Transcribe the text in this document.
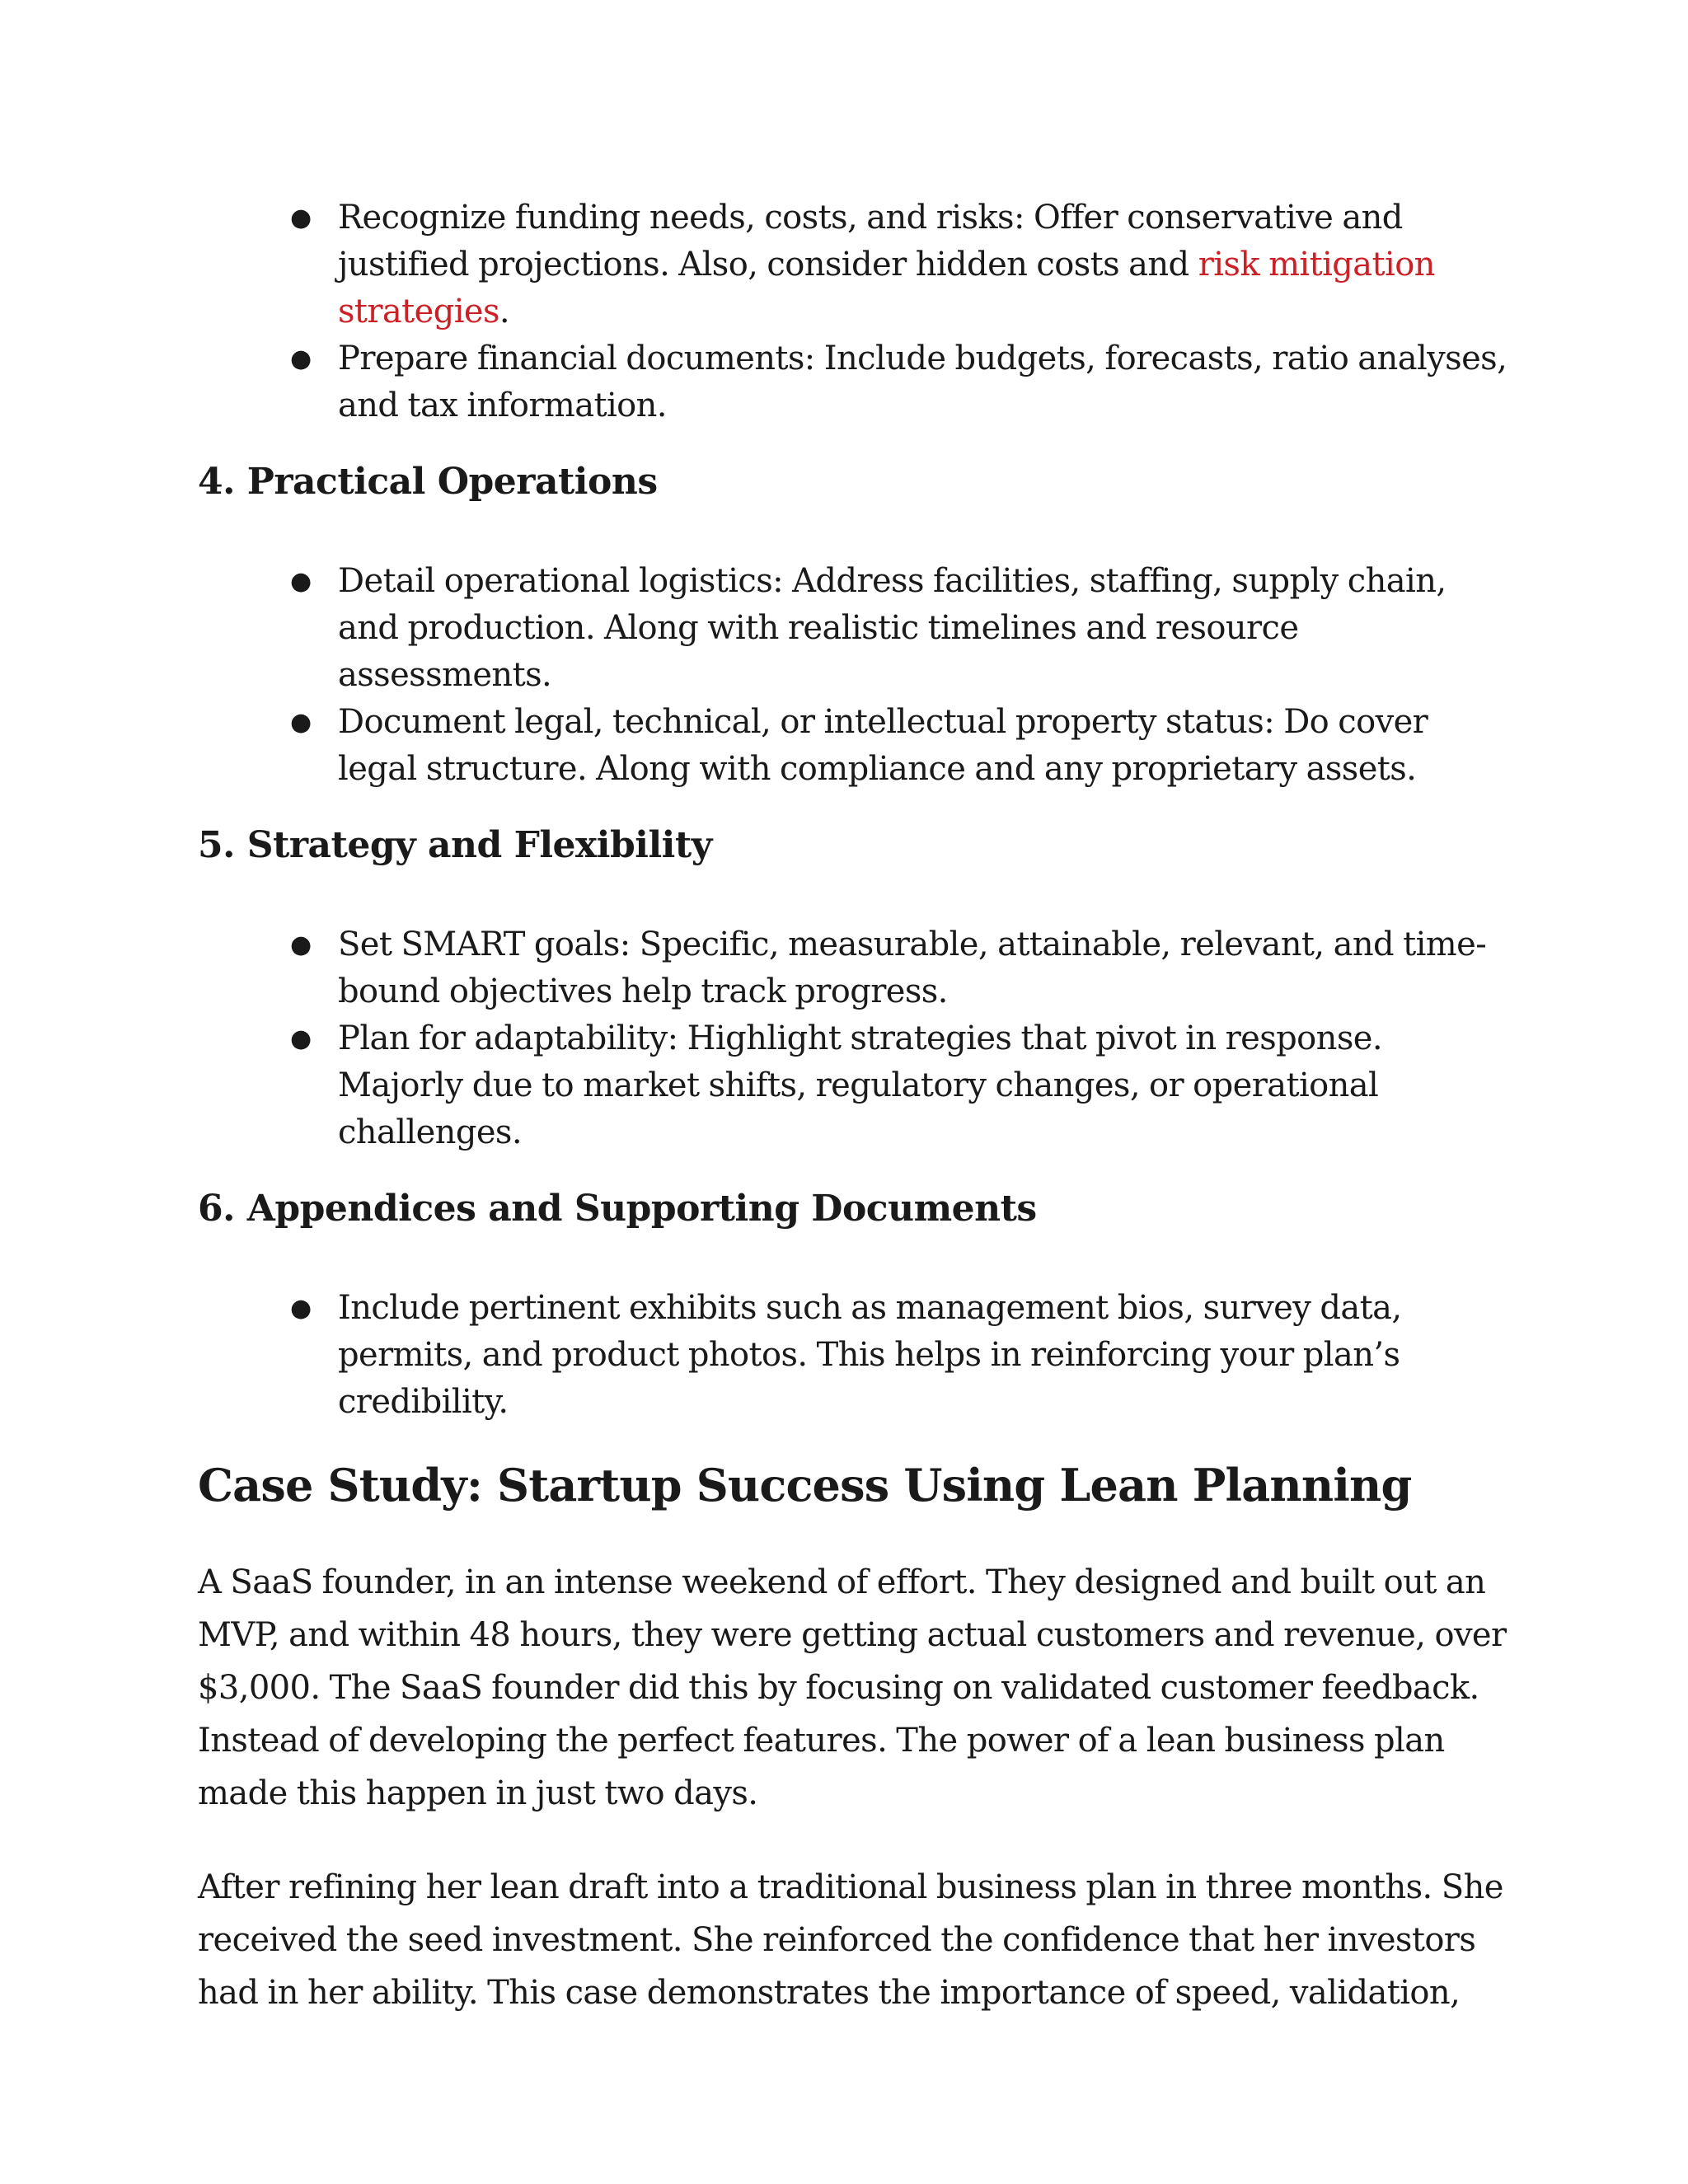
● Recognize funding needs, costs, and risks: Offer conservative and justified projections. Also, consider hidden costs and risk mitigation strategies.
● Prepare financial documents: Include budgets, forecasts, ratio analyses, and tax information.
4. Practical Operations
● Detail operational logistics: Address facilities, staffing, supply chain, and production. Along with realistic timelines and resource assessments.
● Document legal, technical, or intellectual property status: Do cover legal structure. Along with compliance and any proprietary assets.
5. Strategy and Flexibility
● Set SMART goals: Specific, measurable, attainable, relevant, and time-bound objectives help track progress.
● Plan for adaptability: Highlight strategies that pivot in response. Majorly due to market shifts, regulatory changes, or operational challenges.
6. Appendices and Supporting Documents
● Include pertinent exhibits such as management bios, survey data, permits, and product photos. This helps in reinforcing your plan’s credibility.
Case Study: Startup Success Using Lean Planning

A SaaS founder, in an intense weekend of effort. They designed and built out an MVP, and within 48 hours, they were getting actual customers and revenue, over $3,000. The SaaS founder did this by focusing on validated customer feedback. Instead of developing the perfect features. The power of a lean business plan made this happen in just two days.

After refining her lean draft into a traditional business plan in three months. She received the seed investment. She reinforced the confidence that her investors had in her ability. This case demonstrates the importance of speed, validation,
